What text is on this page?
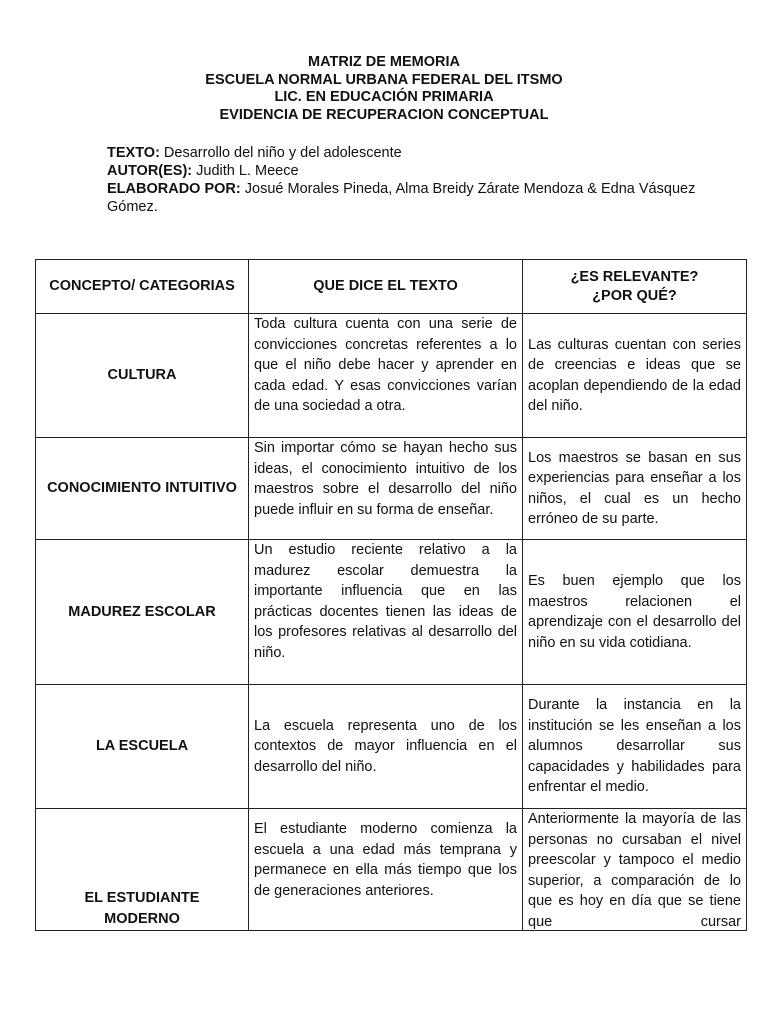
MATRIZ DE MEMORIA
ESCUELA NORMAL URBANA FEDERAL DEL ITSMO
LIC. EN EDUCACIÓN PRIMARIA
EVIDENCIA DE RECUPERACION CONCEPTUAL
TEXTO: Desarrollo del niño y del adolescente
AUTOR(ES): Judith L. Meece
ELABORADO POR: Josué Morales Pineda, Alma Breidy Zárate Mendoza & Edna Vásquez Gómez.
CONCEPTO/ CATEGORIAS	QUE DICE EL TEXTO	¿ES RELEVANTE?
¿POR QUÉ?

CULTURA	Toda cultura cuenta con una serie de convicciones concretas referentes a lo que el niño debe hacer y aprender en cada edad. Y esas convicciones varían de una sociedad a otra.	Las culturas cuentan con series de creencias e ideas que se acoplan dependiendo de la edad del niño.
CONOCIMIENTO INTUITIVO	Sin importar cómo se hayan hecho sus ideas, el conocimiento intuitivo de los maestros sobre el desarrollo del niño puede influir en su forma de enseñar.	Los maestros se basan en sus experiencias para enseñar a los niños, el cual es un hecho erróneo de su parte.
MADUREZ ESCOLAR	Un estudio reciente relativo a la madurez escolar demuestra la importante influencia que en las prácticas docentes tienen las ideas de los profesores relativas al desarrollo del niño.	Es buen ejemplo que los maestros relacionen el aprendizaje con el desarrollo del niño en su vida cotidiana.
LA ESCUELA	La escuela representa uno de los contextos de mayor influencia en el desarrollo del niño.	Durante la instancia en la institución se les enseñan a los alumnos desarrollar sus capacidades y habilidades para enfrentar el medio.

EL ESTUDIANTE
MODERNO	El estudiante moderno comienza la escuela a una edad más temprana y permanece en ella más tiempo que los de generaciones anteriores.	Anteriormente la mayoría de las personas no cursaban el nivel preescolar y tampoco el medio superior, a comparación de lo que es hoy en día que se tiene que cursar
